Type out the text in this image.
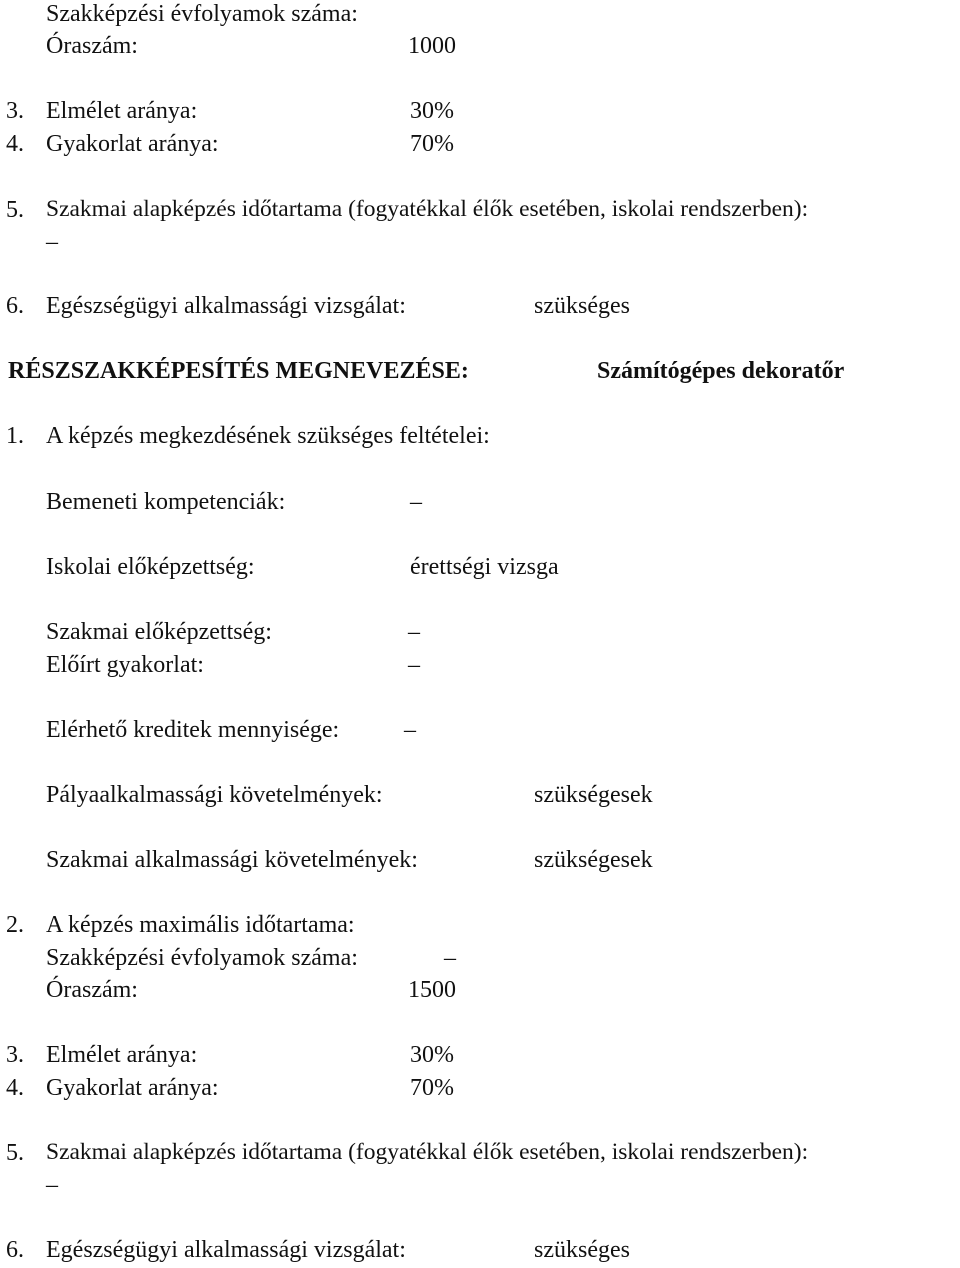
Szakképzési évfolyamok száma:
Óraszám:	1000
3. Elmélet aránya:	30%
4. Gyakorlat aránya:	70%
5. Szakmai alapképzés időtartama (fogyatékkal élők esetében, iskolai rendszerben):
–
6. Egészségügyi alkalmassági vizsgálat:	szükséges
RÉSZSZAKKÉPESÍTÉS MEGNEVEZÉSE:	Számítógépes dekoratőr
1. A képzés megkezdésének szükséges feltételei:
Bemeneti kompetenciák:	–
Iskolai előképzettség:	érettségi vizsga
Szakmai előképzettség:	–
Előírt gyakorlat:	–
Elérhető kreditek mennyisége:	–
Pályaalkalmassági követelmények:	szükségesek
Szakmai alkalmassági követelmények:	szükségesek
2. A képzés maximális időtartama:
Szakképzési évfolyamok száma:	–
Óraszám:	1500
3. Elmélet aránya:	30%
4. Gyakorlat aránya:	70%
5. Szakmai alapképzés időtartama (fogyatékkal élők esetében, iskolai rendszerben):
–
6. Egészségügyi alkalmassági vizsgálat:	szükséges
